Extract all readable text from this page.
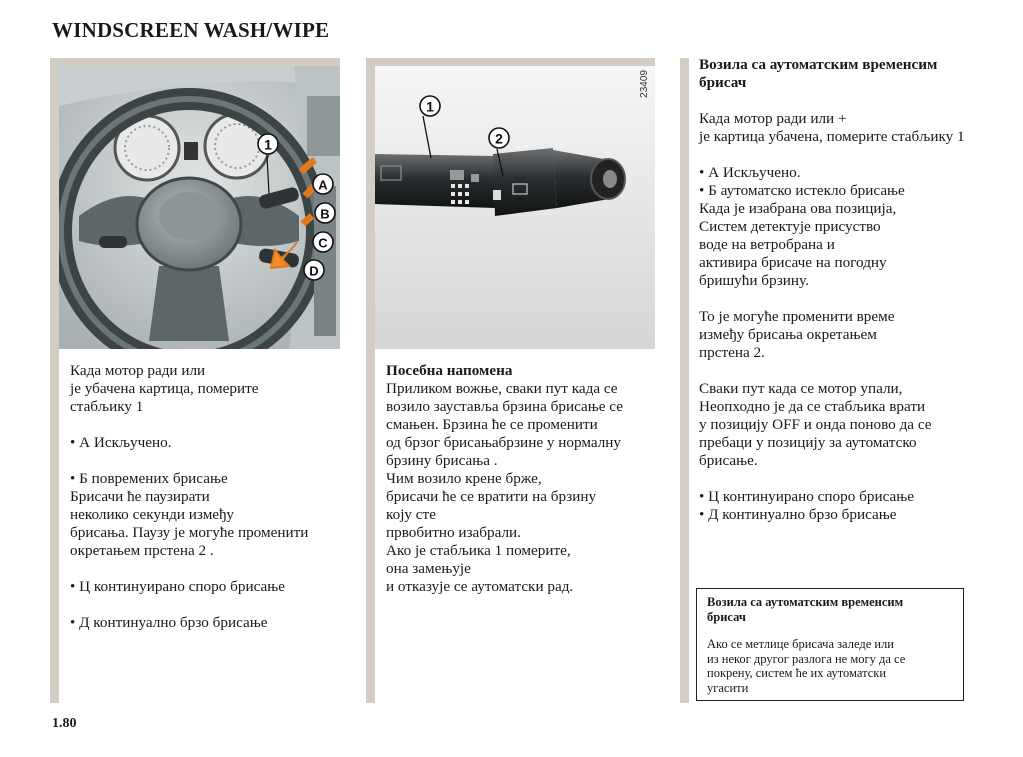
WINDSCREEN WASH/WIPE
1
A
B
C
D
1
2
23409
Када мотор ради или
је убачена картица, померите
стабљику 1
• А Искључено.
• Б повремених брисање
Брисачи ће паузирати
неколико секунди између
брисања. Паузу је могуће променити
окретањем прстена 2 .
• Ц континуирано споро брисање
• Д континуално брзо брисање
Посебна напомена
Приликом вожње, сваки пут када се
возило зауставља брзина брисање се
смањен. Брзина ће се променити
од брзог брисањабрзине у нормалну
брзину брисања .
Чим возило крене брже,
брисачи ће се вратити на брзину
коју сте
првобитно изабрали.
Ако је стабљика 1 померите,
она замењује
и отказује се аутоматски рад.
Возила са аутоматским временсим
брисач
Када мотор ради или +
је картица убачена, померите стабљику 1
• А Искључено.
• Б аутоматско истекло брисање
Када је изабрана ова позиција,
Систем детектује присуство
воде на ветробрана и
активира брисаче на погодну
бришући брзину.
То је могуће променити време
између брисања окретањем
прстена 2.
Сваки пут када се мотор упали,
Неопходно је да се стабљика врати
у позицију OFF и онда поново да се
пребаци у позицију за аутоматско
брисање.
• Ц континуирано споро брисање
• Д континуално брзо брисање
Возила са аутоматским временсим
брисач
Ако се метлице брисача заледе или
из неког другог разлога не могу да се
покрену, систем ће их аутоматски
угасити
1.80
